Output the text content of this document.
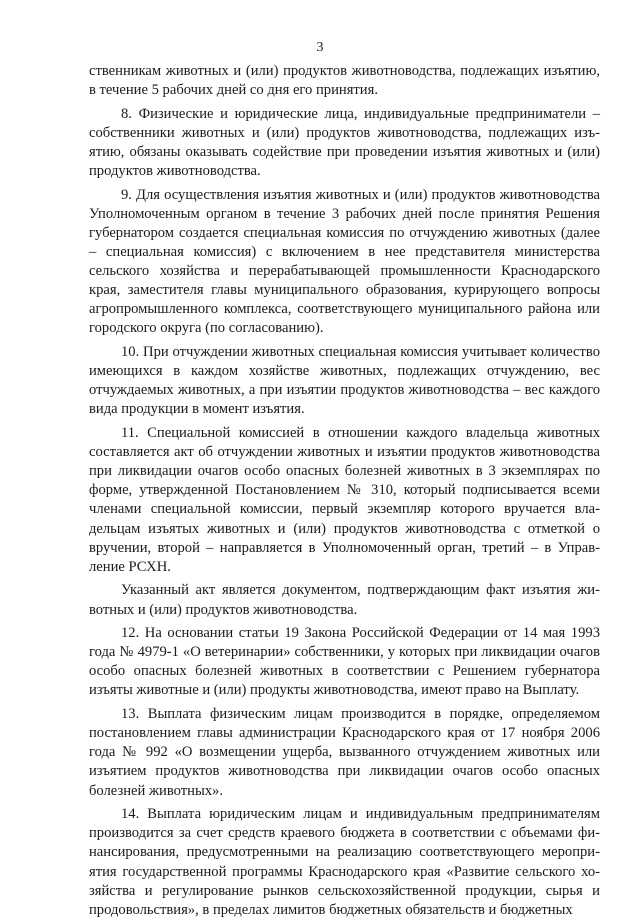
3

ственникам животных и (или) продуктов животноводства, подлежащих изъятию, в течение 5 рабочих дней со дня его принятия.

8. Физические и юридические лица, индивидуальные предприниматели – собственники животных и (или) продуктов животноводства, подлежащих изъятию, обязаны оказывать содействие при проведении изъятия животных и (или) продуктов животноводства.

9. Для осуществления изъятия животных и (или) продуктов животноводства Уполномоченным органом в течение 3 рабочих дней после принятия Решения губернатором создается специальная комиссия по отчуждению животных (далее – специальная комиссия) с включением в нее представителя министерства сельского хозяйства и перерабатывающей промышленности Краснодарского края, заместителя главы муниципального образования, курирующего вопросы агропромышленного комплекса, соответствующего муниципального района или городского округа (по согласованию).

10. При отчуждении животных специальная комиссия учитывает количество имеющихся в каждом хозяйстве животных, подлежащих отчуждению, вес отчуждаемых животных, а при изъятии продуктов животноводства – вес каждого вида продукции в момент изъятия.

11. Специальной комиссией в отношении каждого владельца животных составляется акт об отчуждении животных и изъятии продуктов животноводства при ликвидации очагов особо опасных болезней животных в 3 экземплярах по форме, утвержденной Постановлением № 310, который подписывается всеми членами специальной комиссии, первый экземпляр которого вручается владельцам изъятых животных и (или) продуктов животноводства с отметкой о вручении, второй – направляется в Уполномоченный орган, третий – в Управление РСХН.

Указанный акт является документом, подтверждающим факт изъятия животных и (или) продуктов животноводства.

12. На основании статьи 19 Закона Российской Федерации от 14 мая 1993 года № 4979-1 «О ветеринарии» собственники, у которых при ликвидации очагов особо опасных болезней животных в соответствии с Решением губернатора изъяты животные и (или) продукты животноводства, имеют право на Выплату.

13. Выплата физическим лицам производится в порядке, определяемом постановлением главы администрации Краснодарского края от 17 ноября 2006 года № 992 «О возмещении ущерба, вызванного отчуждением животных или изъятием продуктов животноводства при ликвидации очагов особо опасных болезней животных».

14. Выплата юридическим лицам и индивидуальным предпринимателям производится за счет средств краевого бюджета в соответствии с объемами финансирования, предусмотренными на реализацию соответствующего мероприятия государственной программы Краснодарского края «Развитие сельского хозяйства и регулирование рынков сельскохозяйственной продукции, сырья и продовольствия», в пределах лимитов бюджетных обязательств и бюджетных
